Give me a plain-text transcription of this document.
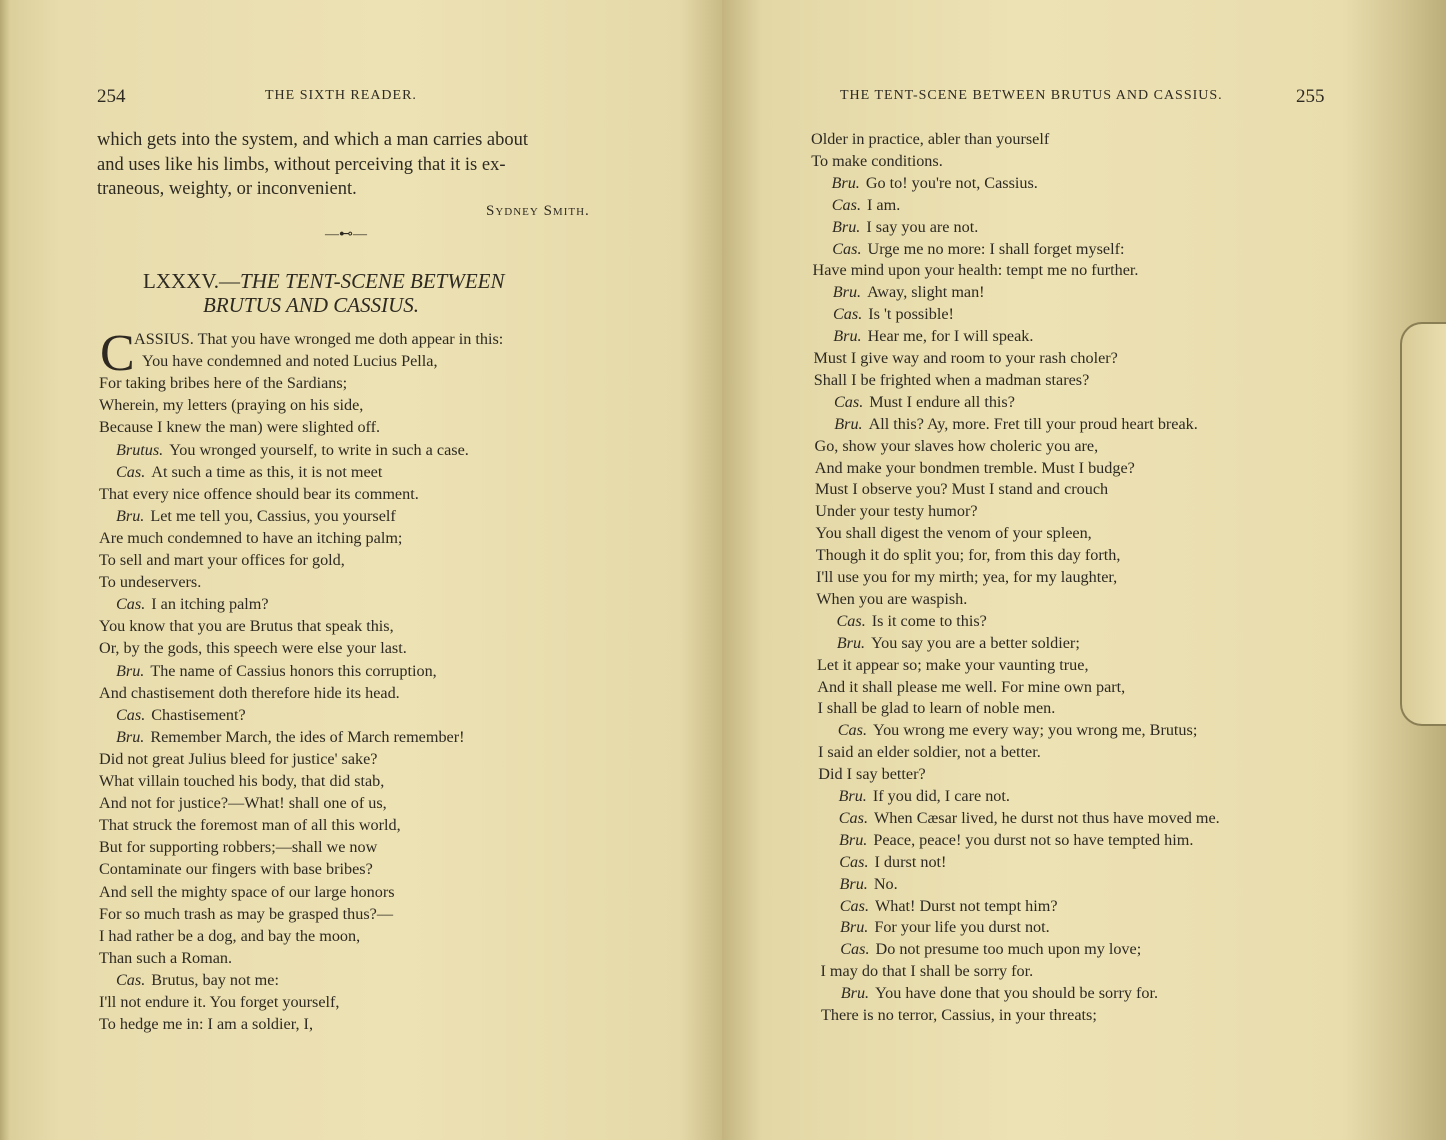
254	THE SIXTH READER.
which gets into the system, and which a man carries about
and uses like his limbs, without perceiving that it is ex-
traneous, weighty, or inconvenient.
Sydney Smith.
—⊷—
LXXXV.—THE TENT-SCENE BETWEEN
BRUTUS AND CASSIUS.
C ASSIUS. That you have wronged me doth appear in this:
You have condemned and noted Lucius Pella,
For taking bribes here of the Sardians;
Wherein, my letters (praying on his side,
Because I knew the man) were slighted off.
Brutus. You wronged yourself, to write in such a case.
Cas. At such a time as this, it is not meet
That every nice offence should bear its comment.
Bru. Let me tell you, Cassius, you yourself
Are much condemned to have an itching palm;
To sell and mart your offices for gold,
To undeservers.
Cas. I an itching palm?
You know that you are Brutus that speak this,
Or, by the gods, this speech were else your last.
Bru. The name of Cassius honors this corruption,
And chastisement doth therefore hide its head.
Cas. Chastisement?
Bru. Remember March, the ides of March remember!
Did not great Julius bleed for justice' sake?
What villain touched his body, that did stab,
And not for justice?—What! shall one of us,
That struck the foremost man of all this world,
But for supporting robbers;—shall we now
Contaminate our fingers with base bribes?
And sell the mighty space of our large honors
For so much trash as may be grasped thus?—
I had rather be a dog, and bay the moon,
Than such a Roman.
Cas. Brutus, bay not me:
I'll not endure it. You forget yourself,
To hedge me in: I am a soldier, I,
THE TENT-SCENE BETWEEN BRUTUS AND CASSIUS.	255
Older in practice, abler than yourself
To make conditions.
Bru. Go to! you're not, Cassius.
Cas. I am.
Bru. I say you are not.
Cas. Urge me no more: I shall forget myself:
Have mind upon your health: tempt me no further.
Bru. Away, slight man!
Cas. Is 't possible!
Bru. Hear me, for I will speak.
Must I give way and room to your rash choler?
Shall I be frighted when a madman stares?
Cas. Must I endure all this?
Bru. All this? Ay, more. Fret till your proud heart break.
Go, show your slaves how choleric you are,
And make your bondmen tremble. Must I budge?
Must I observe you? Must I stand and crouch
Under your testy humor?
You shall digest the venom of your spleen,
Though it do split you; for, from this day forth,
I'll use you for my mirth; yea, for my laughter,
When you are waspish.
Cas. Is it come to this?
Bru. You say you are a better soldier;
Let it appear so; make your vaunting true,
And it shall please me well. For mine own part,
I shall be glad to learn of noble men.
Cas. You wrong me every way; you wrong me, Brutus;
I said an elder soldier, not a better.
Did I say better?
Bru. If you did, I care not.
Cas. When Cæsar lived, he durst not thus have moved me.
Bru. Peace, peace! you durst not so have tempted him.
Cas. I durst not!
Bru. No.
Cas. What! Durst not tempt him?
Bru. For your life you durst not.
Cas. Do not presume too much upon my love;
I may do that I shall be sorry for.
Bru. You have done that you should be sorry for.
There is no terror, Cassius, in your threats;
